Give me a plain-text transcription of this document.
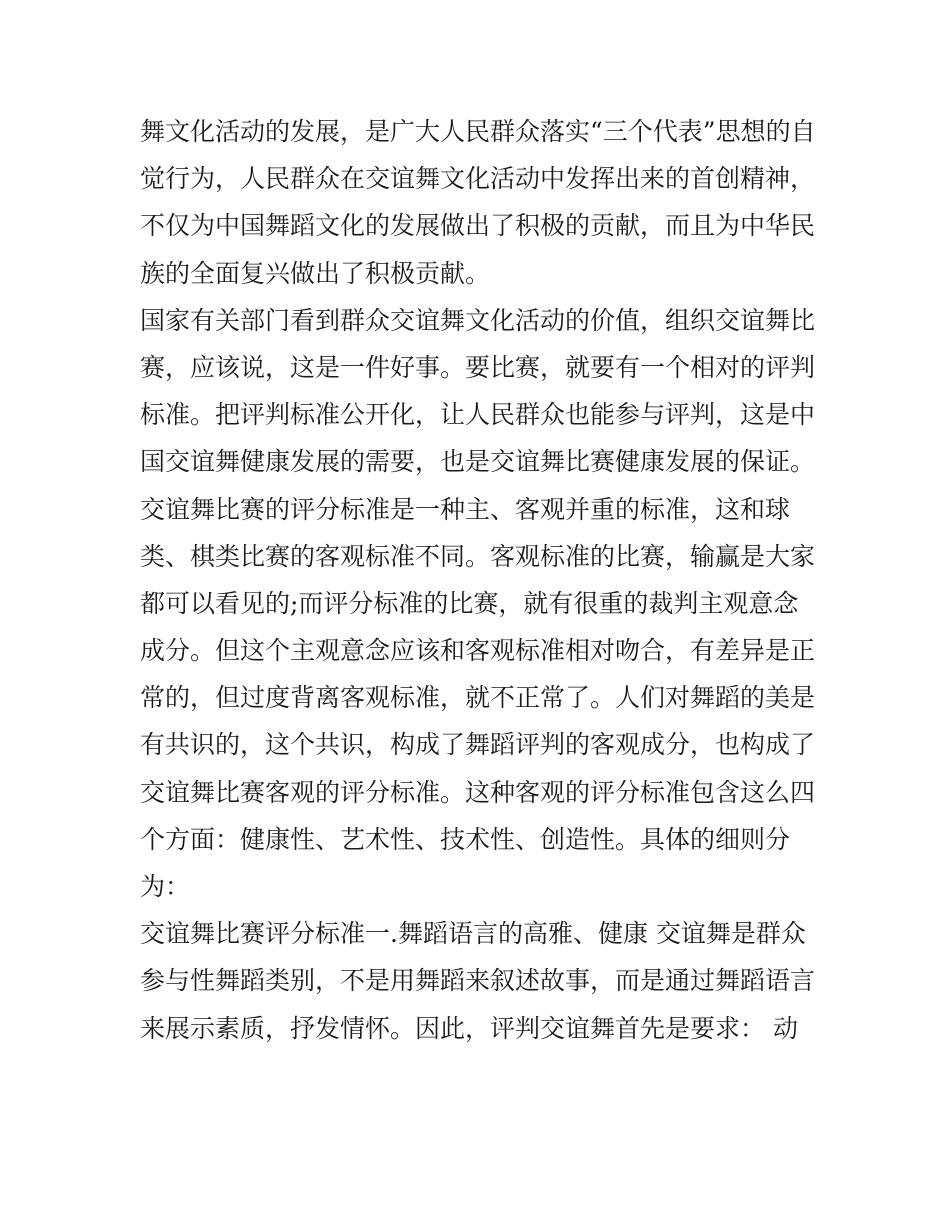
舞文化活动的发展，是广大人民群众落实“三个代表”思想的自
觉行为，人民群众在交谊舞文化活动中发挥出来的首创精神，
不仅为中国舞蹈文化的发展做出了积极的贡献，而且为中华民
族的全面复兴做出了积极贡献。
国家有关部门看到群众交谊舞文化活动的价值，组织交谊舞比
赛，应该说，这是一件好事。要比赛，就要有一个相对的评判
标准。把评判标准公开化，让人民群众也能参与评判，这是中
国交谊舞健康发展的需要，也是交谊舞比赛健康发展的保证。
交谊舞比赛的评分标准是一种主、客观并重的标准，这和球
类、棋类比赛的客观标准不同。客观标准的比赛，输赢是大家
都可以看见的;而评分标准的比赛，就有很重的裁判主观意念
成分。但这个主观意念应该和客观标准相对吻合，有差异是正
常的，但过度背离客观标准，就不正常了。人们对舞蹈的美是
有共识的，这个共识，构成了舞蹈评判的客观成分，也构成了
交谊舞比赛客观的评分标准。这种客观的评分标准包含这么四
个方面：健康性、艺术性、技术性、创造性。具体的细则分
为：
交谊舞比赛评分标准一.舞蹈语言的高雅、健康 交谊舞是群众
参与性舞蹈类别，不是用舞蹈来叙述故事，而是通过舞蹈语言
来展示素质，抒发情怀。因此，评判交谊舞首先是要求： 动
